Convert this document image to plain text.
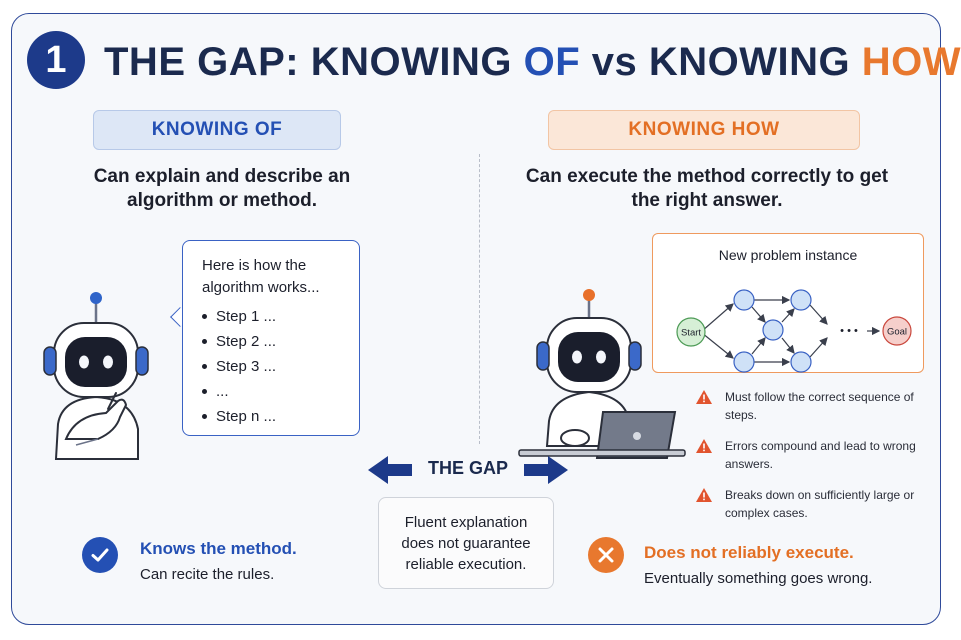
1 THE GAP: KNOWING OF vs KNOWING HOW
KNOWING OF	KNOWING HOW
Can explain and describe an algorithm or method.
Can execute the method correctly to get the right answer.
Here is how the algorithm works...
Step 1 ...
Step 2 ...
Step 3 ...
...
Step n ...
New problem instance
Start	• • •	Goal
Must follow the correct sequence of steps.
Errors compound and lead to wrong answers.
Breaks down on sufficiently large or complex cases.
THE GAP
Fluent explanation does not guarantee reliable execution.
Knows the method.
Can recite the rules.
Does not reliably execute.
Eventually something goes wrong.
